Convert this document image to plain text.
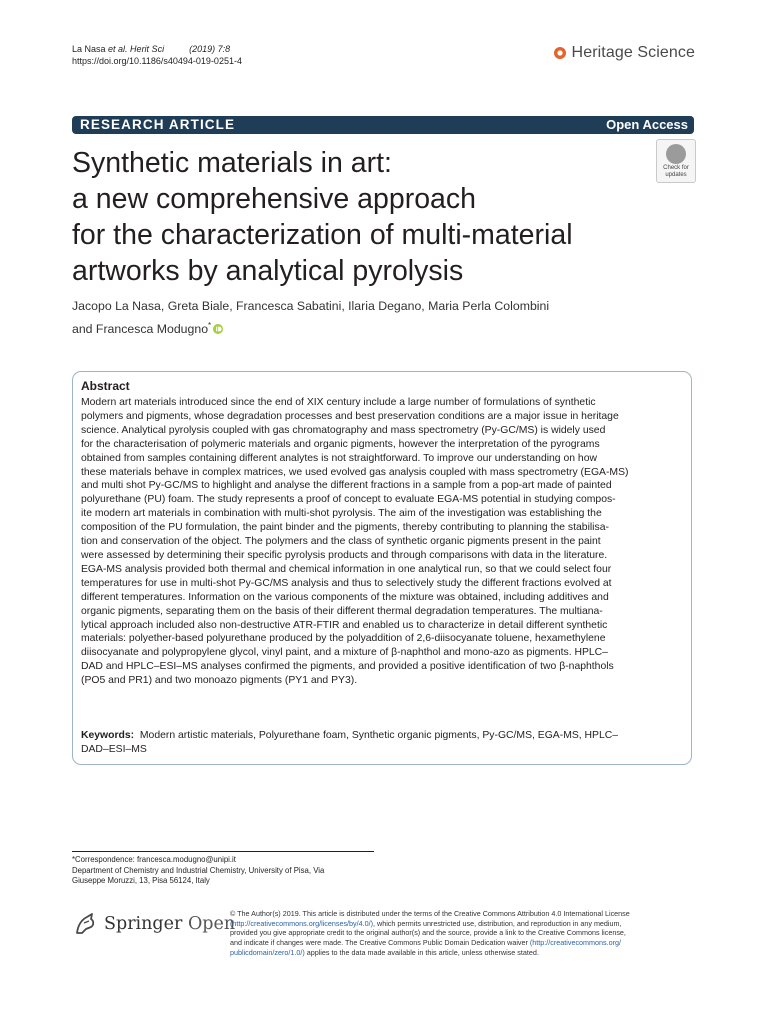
La Nasa et al. Herit Sci	(2019) 7:8
https://doi.org/10.1186/s40494-019-0251-4	Heritage Science
RESEARCH ARTICLE	Open Access
Check for
updates
Synthetic materials in art:
a new comprehensive approach
for the characterization of multi-material
artworks by analytical pyrolysis
Jacopo La Nasa, Greta Biale, Francesca Sabatini, Ilaria Degano, Maria Perla Colombini
and Francesca Modugno*
Abstract
Modern art materials introduced since the end of XIX century include a large number of formulations of synthetic
polymers and pigments, whose degradation processes and best preservation conditions are a major issue in heritage
science. Analytical pyrolysis coupled with gas chromatography and mass spectrometry (Py-GC/MS) is widely used
for the characterisation of polymeric materials and organic pigments, however the interpretation of the pyrograms
obtained from samples containing different analytes is not straightforward. To improve our understanding on how
these materials behave in complex matrices, we used evolved gas analysis coupled with mass spectrometry (EGA-MS)
and multi shot Py-GC/MS to highlight and analyse the different fractions in a sample from a pop-art made of painted
polyurethane (PU) foam. The study represents a proof of concept to evaluate EGA-MS potential in studying compos-
ite modern art materials in combination with multi-shot pyrolysis. The aim of the investigation was establishing the
composition of the PU formulation, the paint binder and the pigments, thereby contributing to planning the stabilisa-
tion and conservation of the object. The polymers and the class of synthetic organic pigments present in the paint
were assessed by determining their specific pyrolysis products and through comparisons with data in the literature.
EGA-MS analysis provided both thermal and chemical information in one analytical run, so that we could select four
temperatures for use in multi-shot Py-GC/MS analysis and thus to selectively study the different fractions evolved at
different temperatures. Information on the various components of the mixture was obtained, including additives and
organic pigments, separating them on the basis of their different thermal degradation temperatures. The multiana-
lytical approach included also non-destructive ATR-FTIR and enabled us to characterize in detail different synthetic
materials: polyether-based polyurethane produced by the polyaddition of 2,6-diisocyanate toluene, hexamethylene
diisocyanate and polypropylene glycol, vinyl paint, and a mixture of β-naphthol and mono-azo as pigments. HPLC–
DAD and HPLC–ESI–MS analyses confirmed the pigments, and provided a positive identification of two β-naphthols
(PO5 and PR1) and two monoazo pigments (PY1 and PY3).
Keywords: Modern artistic materials, Polyurethane foam, Synthetic organic pigments, Py-GC/MS, EGA-MS, HPLC–
DAD–ESI–MS
*Correspondence: francesca.modugno@unipi.it
Department of Chemistry and Industrial Chemistry, University of Pisa, Via
Giuseppe Moruzzi, 13, Pisa 56124, Italy
Springer Open
© The Author(s) 2019. This article is distributed under the terms of the Creative Commons Attribution 4.0 International License
(http://creativecommons.org/licenses/by/4.0/), which permits unrestricted use, distribution, and reproduction in any medium,
provided you give appropriate credit to the original author(s) and the source, provide a link to the Creative Commons license,
and indicate if changes were made. The Creative Commons Public Domain Dedication waiver (http://creativecommons.org/
publicdomain/zero/1.0/) applies to the data made available in this article, unless otherwise stated.
